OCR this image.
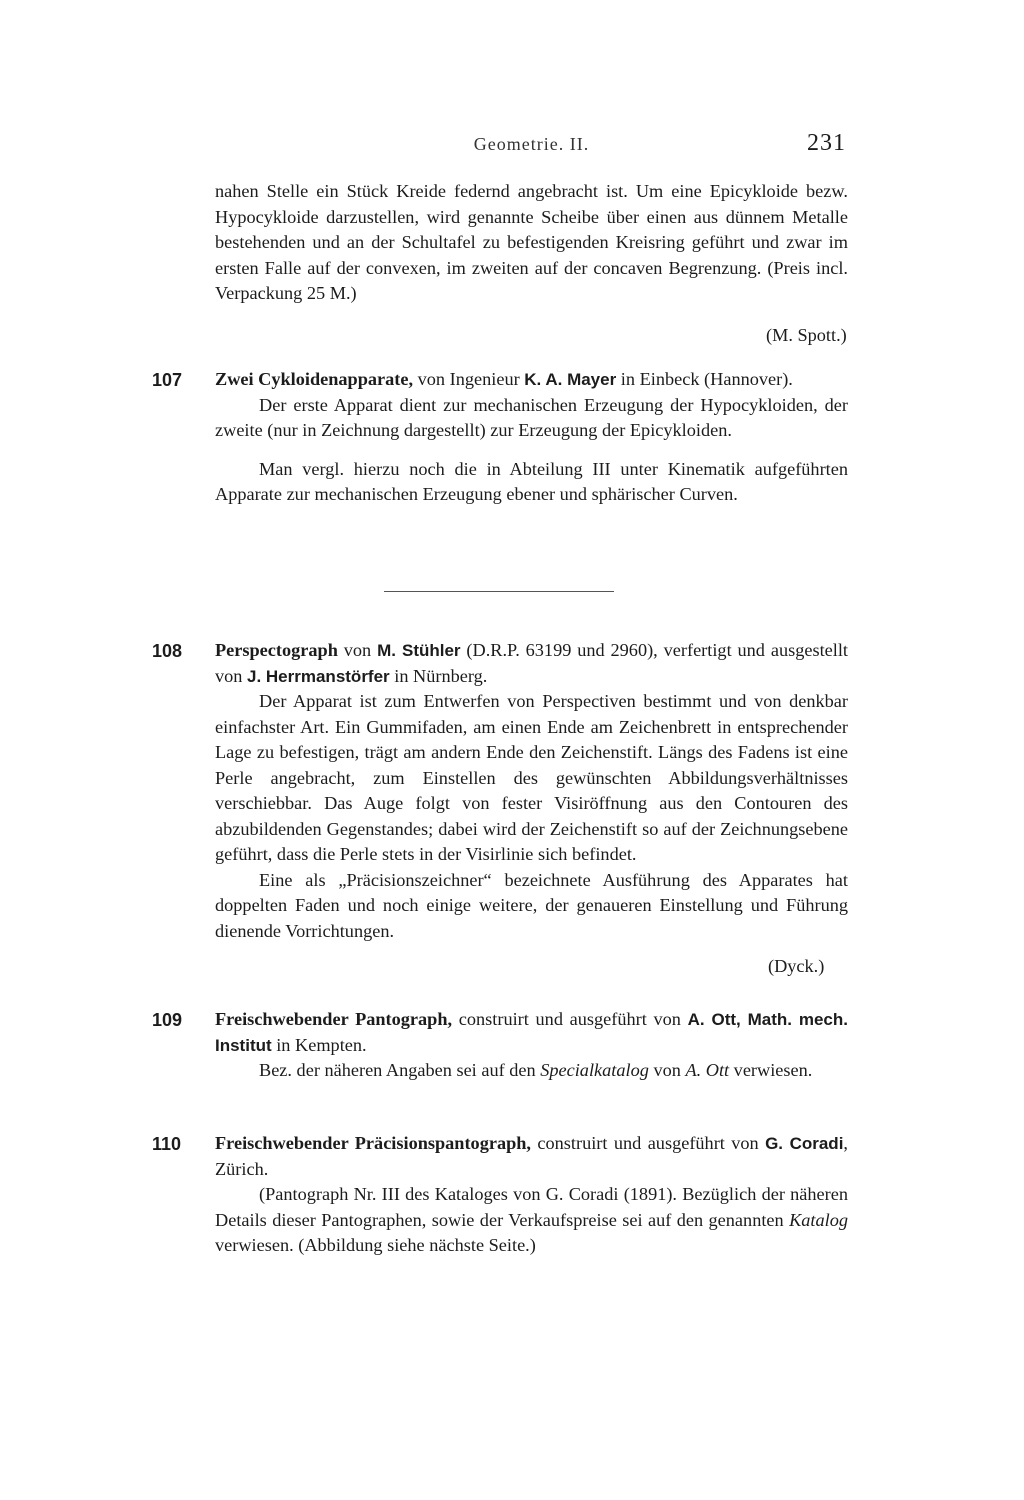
Geometrie. II.	231

nahen Stelle ein Stück Kreide federnd angebracht ist. Um eine Epicykloide bezw. Hypocykloide darzustellen, wird genannte Scheibe über einen aus dünnem Metalle bestehenden und an der Schultafel zu befestigenden Kreisring geführt und zwar im ersten Falle auf der convexen, im zweiten auf der concaven Begrenzung. (Preis incl. Verpackung 25 M.)

(M. Spott.)
107 Zwei Cykloidenapparate, von Ingenieur K. A. Mayer in Einbeck (Hannover).

Der erste Apparat dient zur mechanischen Erzeugung der Hypocykloiden, der zweite (nur in Zeichnung dargestellt) zur Erzeugung der Epicykloiden.

Man vergl. hierzu noch die in Abteilung III unter Kinematik aufgeführten Apparate zur mechanischen Erzeugung ebener und sphärischer Curven.

108 Perspectograph von M. Stühler (D.R.P. 63199 und 2960), verfertigt und ausgestellt von J. Herrmanstörfer in Nürnberg.

Der Apparat ist zum Entwerfen von Perspectiven bestimmt und von denkbar einfachster Art. Ein Gummifaden, am einen Ende am Zeichenbrett in entsprechender Lage zu befestigen, trägt am andern Ende den Zeichenstift. Längs des Fadens ist eine Perle angebracht, zum Einstellen des gewünschten Abbildungsverhältnisses verschiebbar. Das Auge folgt von fester Visiröffnung aus den Contouren des abzubildenden Gegenstandes; dabei wird der Zeichenstift so auf der Zeichnungsebene geführt, dass die Perle stets in der Visirlinie sich befindet.

Eine als „Präcisionszeichner“ bezeichnete Ausführung des Apparates hat doppelten Faden und noch einige weitere, der genaueren Einstellung und Führung dienende Vorrichtungen.

(Dyck.)
109 Freischwebender Pantograph, construirt und ausgeführt von A. Ott, Math. mech. Institut in Kempten.

Bez. der näheren Angaben sei auf den Specialkatalog von A. Ott verwiesen.

110 Freischwebender Präcisionspantograph, construirt und ausgeführt von G. Coradi, Zürich.

(Pantograph Nr. III des Kataloges von G. Coradi (1891). Bezüglich der näheren Details dieser Pantographen, sowie der Verkaufspreise sei auf den genannten Katalog verwiesen. (Abbildung siehe nächste Seite.)
